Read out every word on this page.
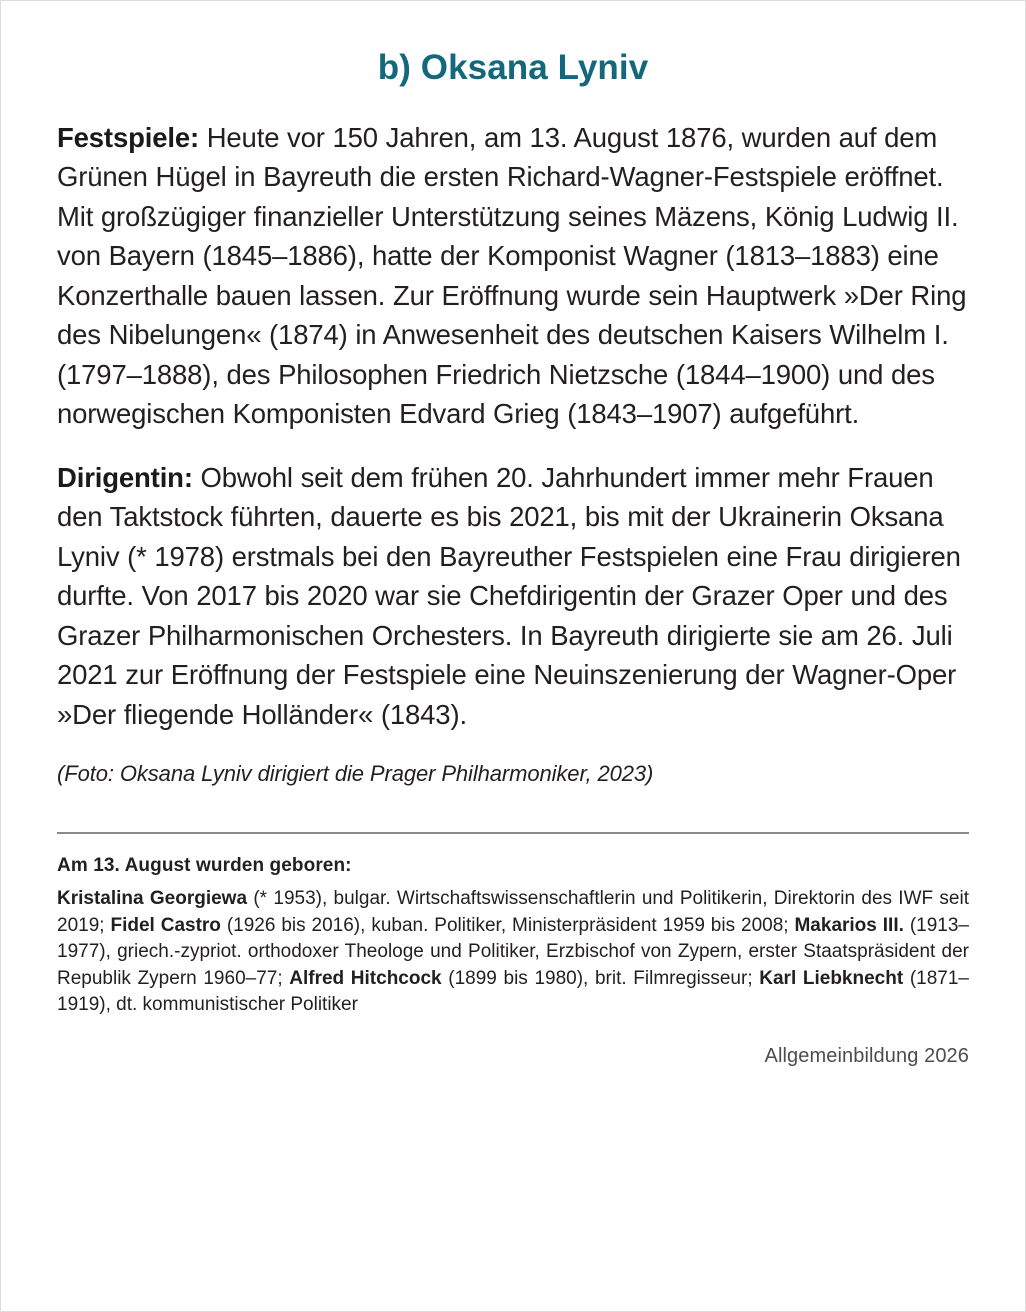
b) Oksana Lyniv

Festspiele: Heute vor 150 Jahren, am 13. August 1876, wurden auf dem Grünen Hügel in Bayreuth die ersten Richard-Wagner-Festspiele eröffnet. Mit großzügiger finanzieller Unterstützung seines Mäzens, König Ludwig II. von Bayern (1845–1886), hatte der Komponist Wagner (1813–1883) eine Konzerthalle bauen lassen. Zur Eröffnung wurde sein Hauptwerk »Der Ring des Nibelungen« (1874) in Anwesenheit des deutschen Kaisers Wilhelm I. (1797–1888), des Philosophen Friedrich Nietzsche (1844–1900) und des norwegischen Komponisten Edvard Grieg (1843–1907) aufgeführt.

Dirigentin: Obwohl seit dem frühen 20. Jahrhundert immer mehr Frauen den Taktstock führten, dauerte es bis 2021, bis mit der Ukrainerin Oksana Lyniv (* 1978) erstmals bei den Bayreuther Festspielen eine Frau dirigieren durfte. Von 2017 bis 2020 war sie Chefdirigentin der Grazer Oper und des Grazer Philharmonischen Orchesters. In Bayreuth dirigierte sie am 26. Juli 2021 zur Eröffnung der Festspiele eine Neuinszenierung der Wagner-Oper »Der fliegende Holländer« (1843).

(Foto: Oksana Lyniv dirigiert die Prager Philharmoniker, 2023)

Am 13. August wurden geboren:

Kristalina Georgiewa (* 1953), bulgar. Wirtschaftswissenschaftlerin und Politikerin, Direktorin des IWF seit 2019; Fidel Castro (1926 bis 2016), kuban. Politiker, Ministerpräsident 1959 bis 2008; Makarios III. (1913–1977), griech.-zypriot. orthodoxer Theologe und Politiker, Erzbischof von Zypern, erster Staatspräsident der Republik Zypern 1960–77; Alfred Hitchcock (1899 bis 1980), brit. Filmregisseur; Karl Liebknecht (1871–1919), dt. kommunistischer Politiker

Allgemeinbildung 2026
